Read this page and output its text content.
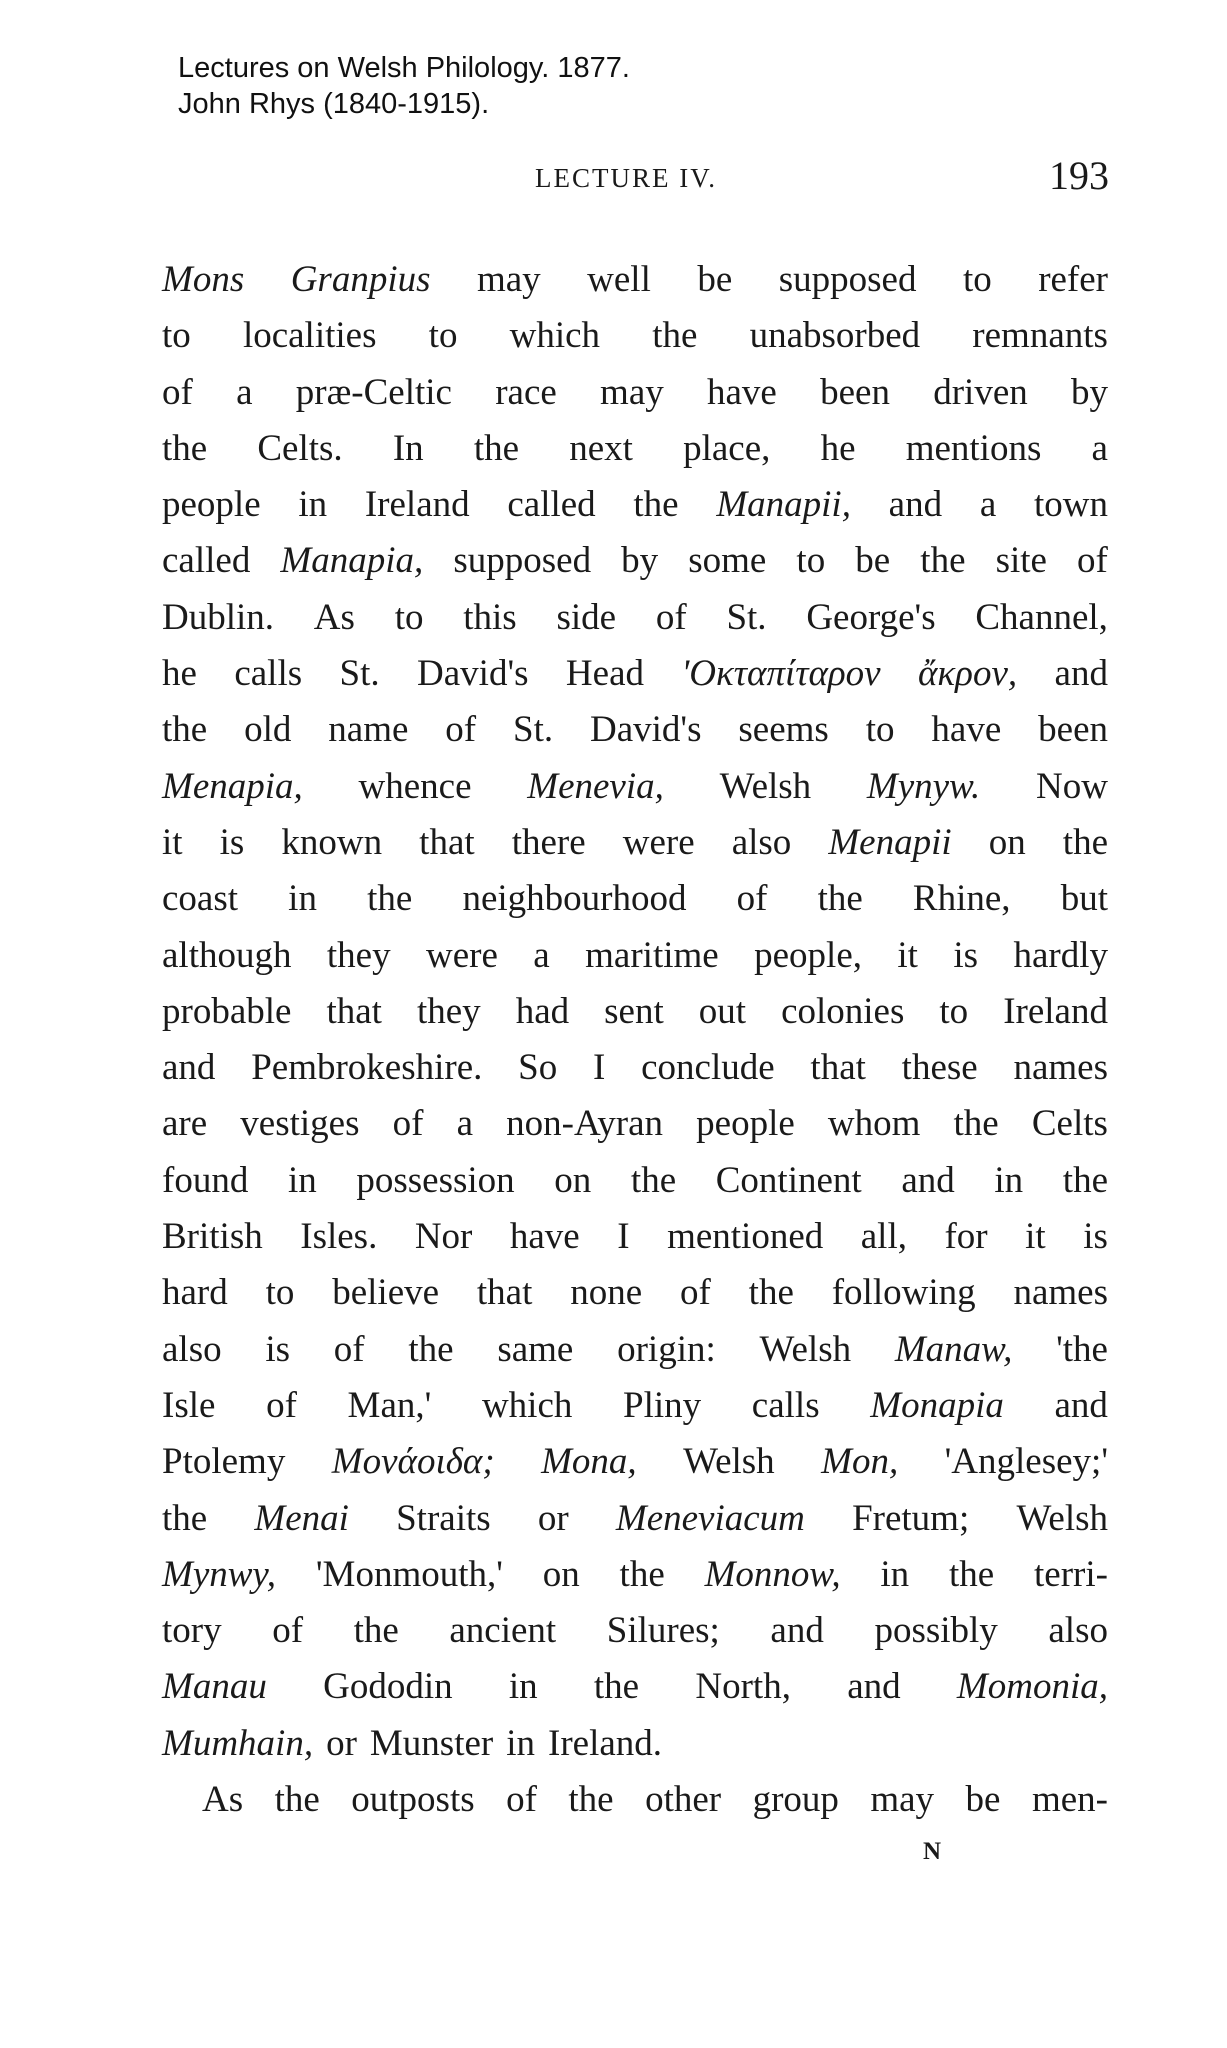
Lectures on Welsh Philology. 1877.
John Rhys (1840-1915).
LECTURE IV.	193
Mons Granpius may well be supposed to refer
to localities to which the unabsorbed remnants
of a præ-Celtic race may have been driven by
the Celts. In the next place, he mentions a
people in Ireland called the Manapii, and a town
called Manapia, supposed by some to be the site of
Dublin. As to this side of St. George's Channel,
he calls St. David's Head 'Οκταπίταρον ἄκρον, and
the old name of St. David's seems to have been
Menapia, whence Menevia, Welsh Mynyw. Now
it is known that there were also Menapii on the
coast in the neighbourhood of the Rhine, but
although they were a maritime people, it is hardly
probable that they had sent out colonies to Ireland
and Pembrokeshire. So I conclude that these names
are vestiges of a non-Ayran people whom the Celts
found in possession on the Continent and in the
British Isles. Nor have I mentioned all, for it is
hard to believe that none of the following names
also is of the same origin: Welsh Manaw, 'the
Isle of Man,' which Pliny calls Monapia and
Ptolemy Μονάοιδα; Mona, Welsh Mon, 'Anglesey;'
the Menai Straits or Meneviacum Fretum; Welsh
Mynwy, 'Monmouth,' on the Monnow, in the terri-
tory of the ancient Silures; and possibly also
Manau Gododin in the North, and Momonia,
Mumhain, or Munster in Ireland.
As the outposts of the other group may be men-
N
